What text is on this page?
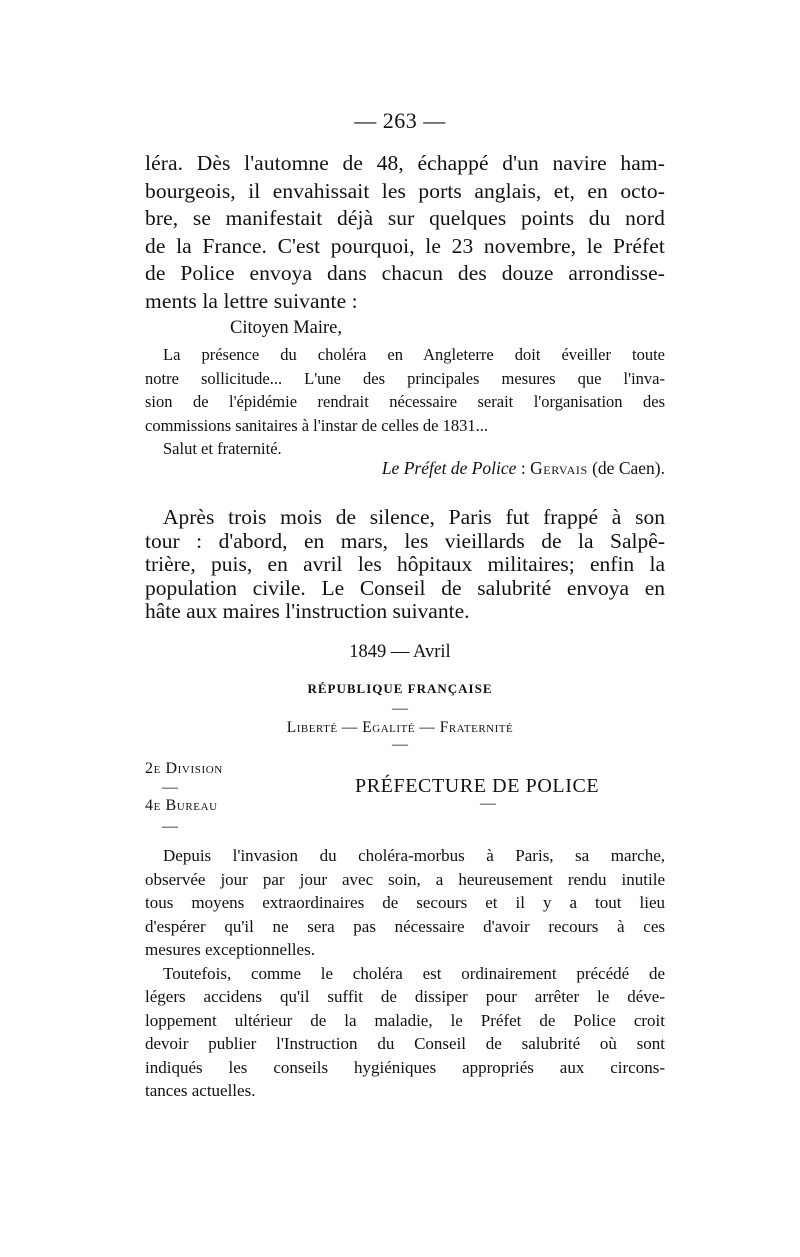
— 263 —
léra. Dès l'automne de 48, échappé d'un navire ham-
bourgeois, il envahissait les ports anglais, et, en octo-
bre, se manifestait déjà sur quelques points du nord
de la France. C'est pourquoi, le 23 novembre, le Préfet
de Police envoya dans chacun des douze arrondisse-
ments la lettre suivante :
Citoyen Maire,
La présence du choléra en Angleterre doit éveiller toute
notre sollicitude... L'une des principales mesures que l'inva-
sion de l'épidémie rendrait nécessaire serait l'organisation des
commissions sanitaires à l'instar de celles de 1831...
Salut et fraternité.
Le Préfet de Police : Gervais (de Caen).
Après trois mois de silence, Paris fut frappé à son
tour : d'abord, en mars, les vieillards de la Salpê-
trière, puis, en avril les hôpitaux militaires; enfin la
population civile. Le Conseil de salubrité envoya en
hâte aux maires l'instruction suivante.
1849 — Avril
RÉPUBLIQUE FRANÇAISE
—
Liberté — Egalité — Fraternité
—
2e Division
—	PRÉFECTURE DE POLICE
4e Bureau	—
—
Depuis l'invasion du choléra-morbus à Paris, sa marche,
observée jour par jour avec soin, a heureusement rendu inutile
tous moyens extraordinaires de secours et il y a tout lieu
d'espérer qu'il ne sera pas nécessaire d'avoir recours à ces
mesures exceptionnelles.
Toutefois, comme le choléra est ordinairement précédé de
légers accidens qu'il suffit de dissiper pour arrêter le déve-
loppement ultérieur de la maladie, le Préfet de Police croit
devoir publier l'Instruction du Conseil de salubrité où sont
indiqués les conseils hygiéniques appropriés aux circons-
tances actuelles.
